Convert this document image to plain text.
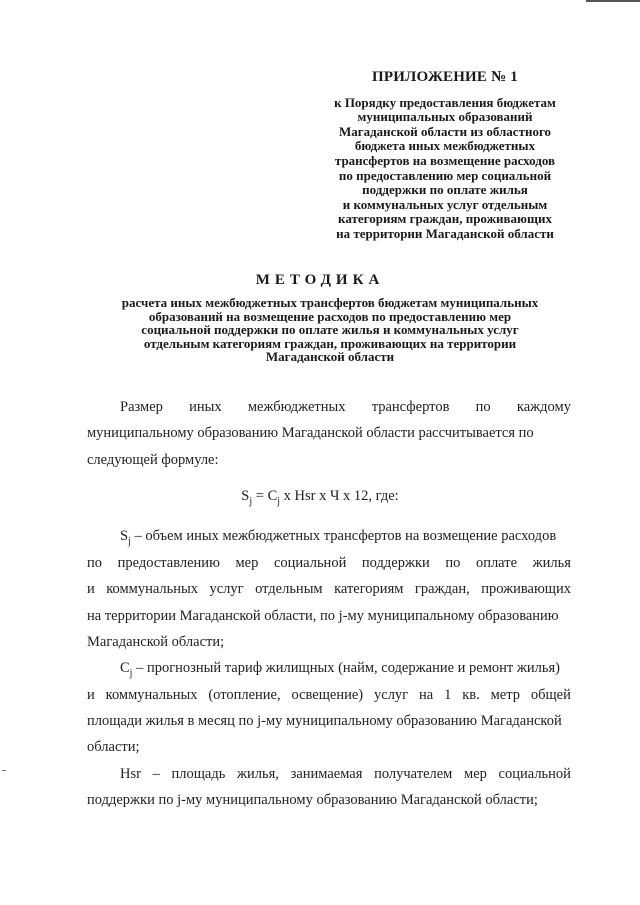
ПРИЛОЖЕНИЕ № 1
к Порядку предоставления бюджетам
муниципальных образований
Магаданской области из областного
бюджета иных межбюджетных
трансфертов на возмещение расходов
по предоставлению мер социальной
поддержки по оплате жилья
и коммунальных услуг отдельным
категориям граждан, проживающих
на территории Магаданской области
МЕТОДИКА
расчета иных межбюджетных трансфертов бюджетам муниципальных
образований на возмещение расходов по предоставлению мер
социальной поддержки по оплате жилья и коммунальных услуг
отдельным категориям граждан, проживающих на территории
Магаданской области
Размер иных межбюджетных трансфертов по каждому
муниципальному образованию Магаданской области рассчитывается по
следующей формуле:
$S_j = C_j$ x Hsr x Ч x 12, где:
$S_j$ – объем иных межбюджетных трансфертов на возмещение расходов
по предоставлению мер социальной поддержки по оплате жилья
и коммунальных услуг отдельным категориям граждан, проживающих
на территории Магаданской области, по j-му муниципальному образованию
Магаданской области;
$C_j$ – прогнозный тариф жилищных (найм, содержание и ремонт жилья)
и коммунальных (отопление, освещение) услуг на 1 кв. метр общей
площади жилья в месяц по j-му муниципальному образованию Магаданской
области;
Hsr – площадь жилья, занимаемая получателем мер социальной
поддержки по j-му муниципальному образованию Магаданской области;
